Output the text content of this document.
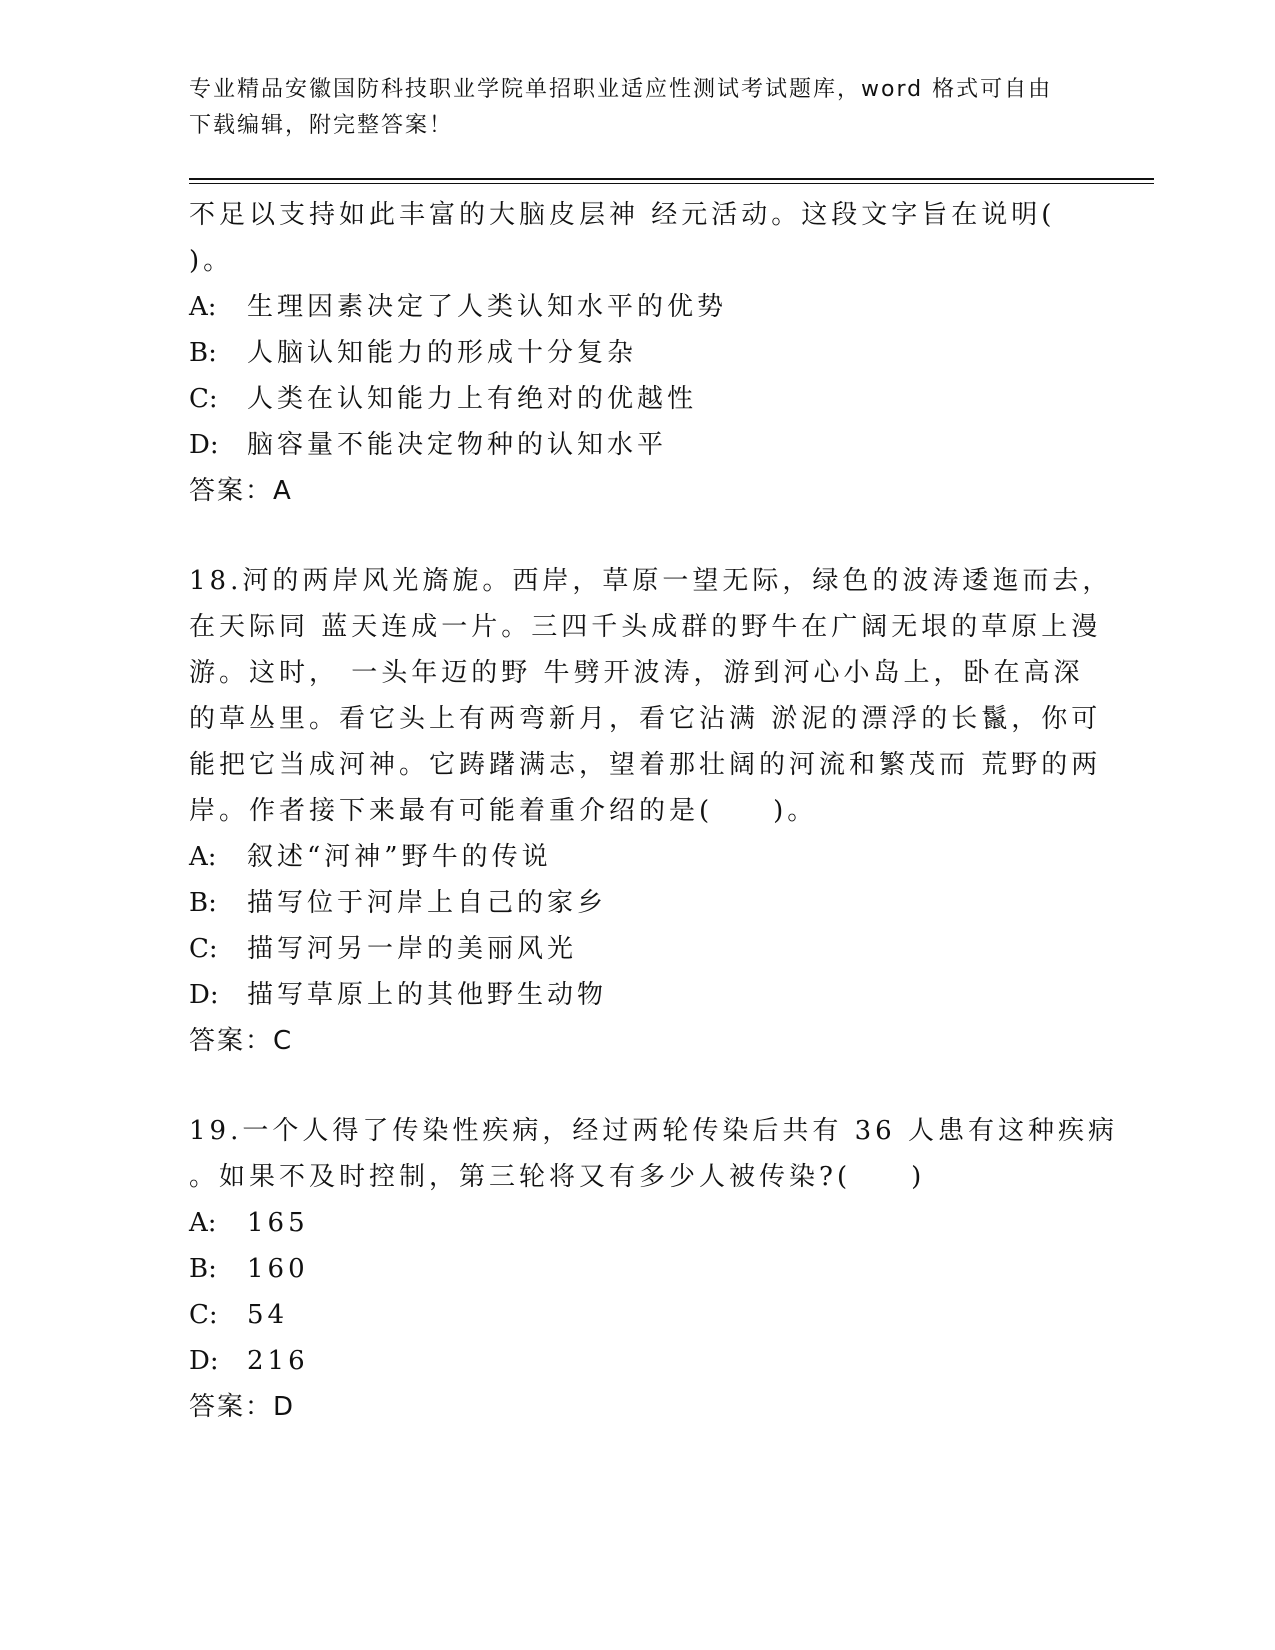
专业精品安徽国防科技职业学院单招职业适应性测试考试题库，word 格式可自由
下载编辑，附完整答案！
不足以支持如此丰富的大脑皮层神 经元活动。这段文字旨在说明(
)。
A: 生理因素决定了人类认知水平的优势
B: 人脑认知能力的形成十分复杂
C: 人类在认知能力上有绝对的优越性
D: 脑容量不能决定物种的认知水平
答案：A
18.河的两岸风光旖旎。西岸，草原一望无际，绿色的波涛逶迤而去，
在天际同 蓝天连成一片。三四千头成群的野牛在广阔无垠的草原上漫
游。这时， 一头年迈的野 牛劈开波涛，游到河心小岛上，卧在高深
的草丛里。看它头上有两弯新月，看它沾满 淤泥的漂浮的长鬣，你可
能把它当成河神。它踌躇满志，望着那壮阔的河流和繁茂而 荒野的两
岸。作者接下来最有可能着重介绍的是(　　)。
A: 叙述“河神”野牛的传说
B: 描写位于河岸上自己的家乡
C: 描写河另一岸的美丽风光
D: 描写草原上的其他野生动物
答案：C
19.一个人得了传染性疾病，经过两轮传染后共有 36 人患有这种疾病
。如果不及时控制，第三轮将又有多少人被传染?(　　)
A: 165
B: 160
C: 54
D: 216
答案：D
